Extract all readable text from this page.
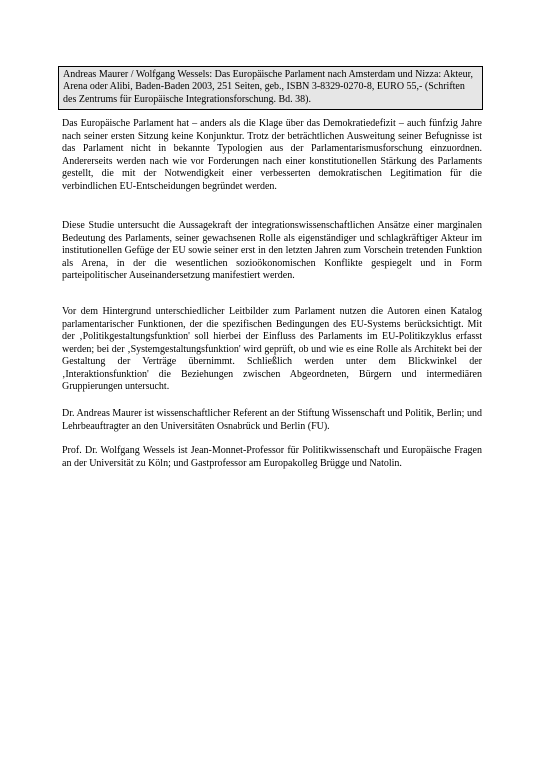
Andreas Maurer / Wolfgang Wessels: Das Europäische Parlament nach Amsterdam und Nizza: Akteur, Arena oder Alibi, Baden-Baden 2003, 251 Seiten, geb., ISBN 3-8329-0270-8, EURO 55,- (Schriften des Zentrums für Europäische Integrationsforschung. Bd. 38).

Das Europäische Parlament hat – anders als die Klage über das Demokratiedefizit – auch fünfzig Jahre nach seiner ersten Sitzung keine Konjunktur. Trotz der beträchtlichen Ausweitung seiner Befugnisse ist das Parlament nicht in bekannte Typologien aus der Parlamentarismusforschung einzuordnen. Andererseits werden nach wie vor Forderungen nach einer konstitutionellen Stärkung des Parlaments gestellt, die mit der Notwendigkeit einer verbesserten demokratischen Legitimation für die verbindlichen EU-Entscheidungen begründet werden.

Diese Studie untersucht die Aussagekraft der integrationswissenschaftlichen Ansätze einer marginalen Bedeutung des Parlaments, seiner gewachsenen Rolle als eigenständiger und schlagkräftiger Akteur im institutionellen Gefüge der EU sowie seiner erst in den letzten Jahren zum Vorschein tretenden Funktion als Arena, in der die wesentlichen sozioökonomischen Konflikte gespiegelt und in Form parteipolitischer Auseinandersetzung manifestiert werden.

Vor dem Hintergrund unterschiedlicher Leitbilder zum Parlament nutzen die Autoren einen Katalog parlamentarischer Funktionen, der die spezifischen Bedingungen des EU-Systems berücksichtigt. Mit der ‚Politikgestaltungsfunktion' soll hierbei der Einfluss des Parlaments im EU-Politikzyklus erfasst werden; bei der ‚Systemgestaltungsfunktion' wird geprüft, ob und wie es eine Rolle als Architekt bei der Gestaltung der Verträge übernimmt. Schließlich werden unter dem Blickwinkel der ‚Interaktionsfunktion' die Beziehungen zwischen Abgeordneten, Bürgern und intermediären Gruppierungen untersucht.

Dr. Andreas Maurer ist wissenschaftlicher Referent an der Stiftung Wissenschaft und Politik, Berlin; und Lehrbeauftragter an den Universitäten Osnabrück und Berlin (FU).

Prof. Dr. Wolfgang Wessels ist Jean-Monnet-Professor für Politikwissenschaft und Europäische Fragen an der Universität zu Köln; und Gastprofessor am Europakolleg Brügge und Natolin.
